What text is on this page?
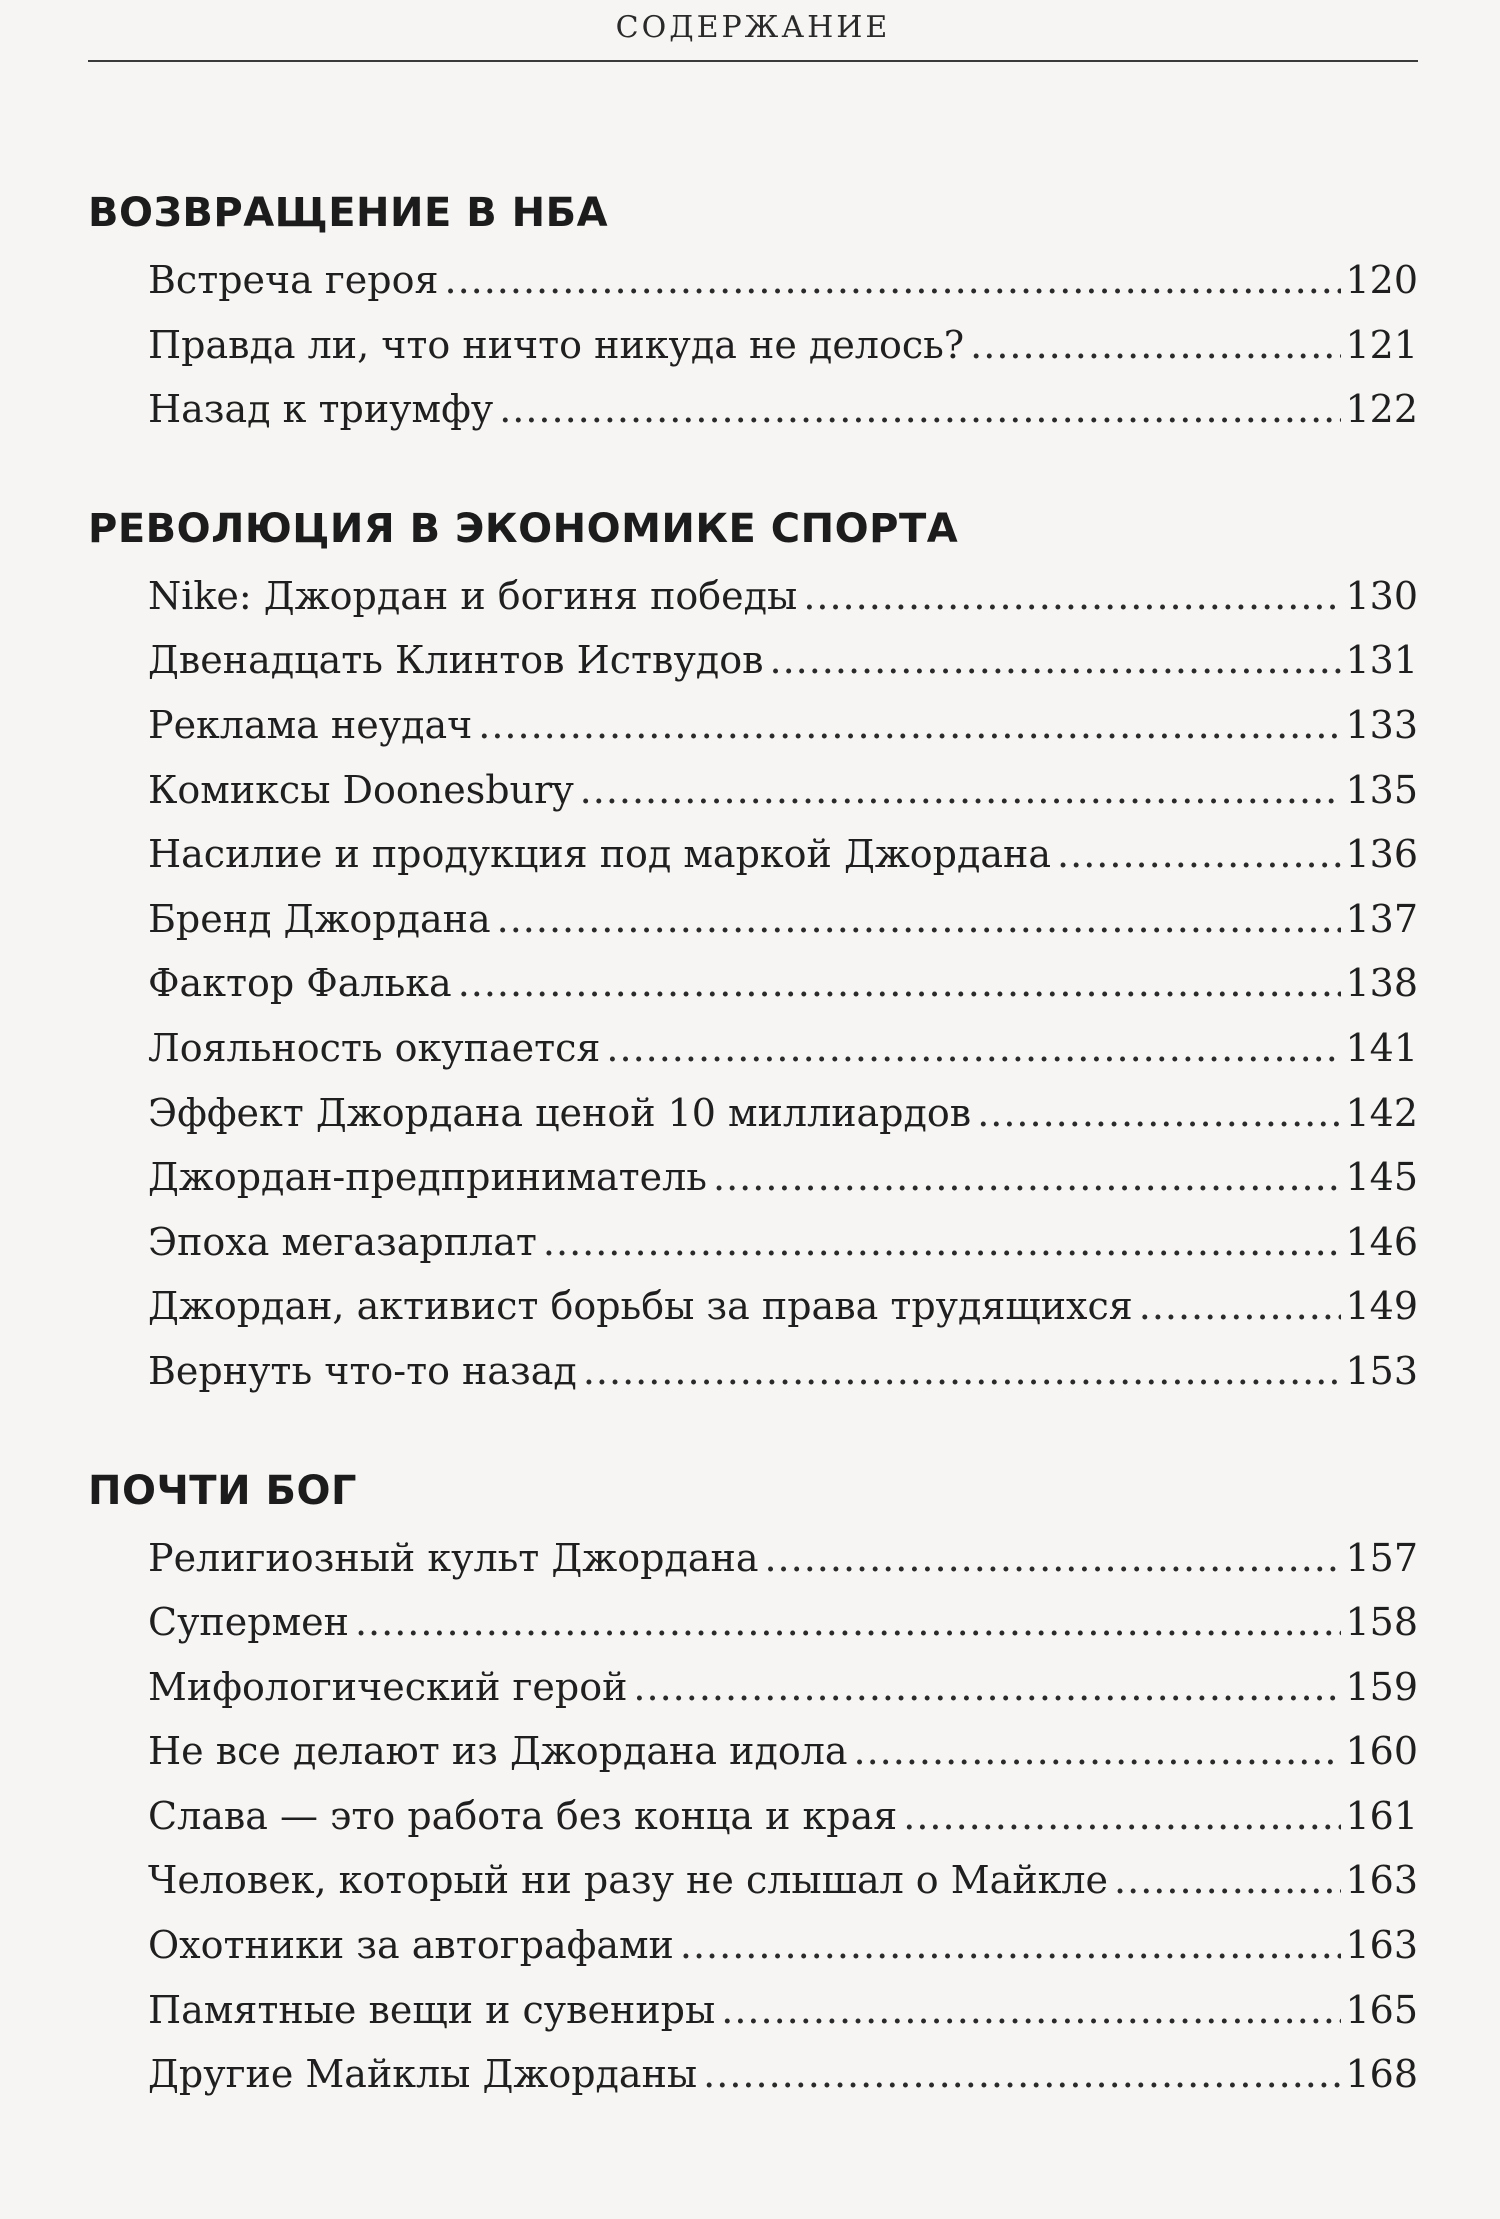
СОДЕРЖАНИЕ
ВОЗВРАЩЕНИЕ В НБА
Встреча героя .....	120
Правда ли, что ничто никуда не делось? .....	121
Назад к триумфу .....	122
РЕВОЛЮЦИЯ В ЭКОНОМИКЕ СПОРТА
Nike: Джордан и богиня победы .....	130
Двенадцать Клинтов Иствудов .....	131
Реклама неудач .....	133
Комиксы Doonesbury .....	135
Насилие и продукция под маркой Джордана .....	136
Бренд Джордана .....	137
Фактор Фалька .....	138
Лояльность окупается .....	141
Эффект Джордана ценой 10 миллиардов .....	142
Джордан-предприниматель .....	145
Эпоха мегазарплат .....	146
Джордан, активист борьбы за права трудящихся .....	149
Вернуть что-то назад .....	153
ПОЧТИ БОГ
Религиозный культ Джордана .....	157
Супермен .....	158
Мифологический герой .....	159
Не все делают из Джордана идола .....	160
Слава — это работа без конца и края .....	161
Человек, который ни разу не слышал о Майкле .....	163
Охотники за автографами .....	163
Памятные вещи и сувениры .....	165
Другие Майклы Джорданы .....	168
